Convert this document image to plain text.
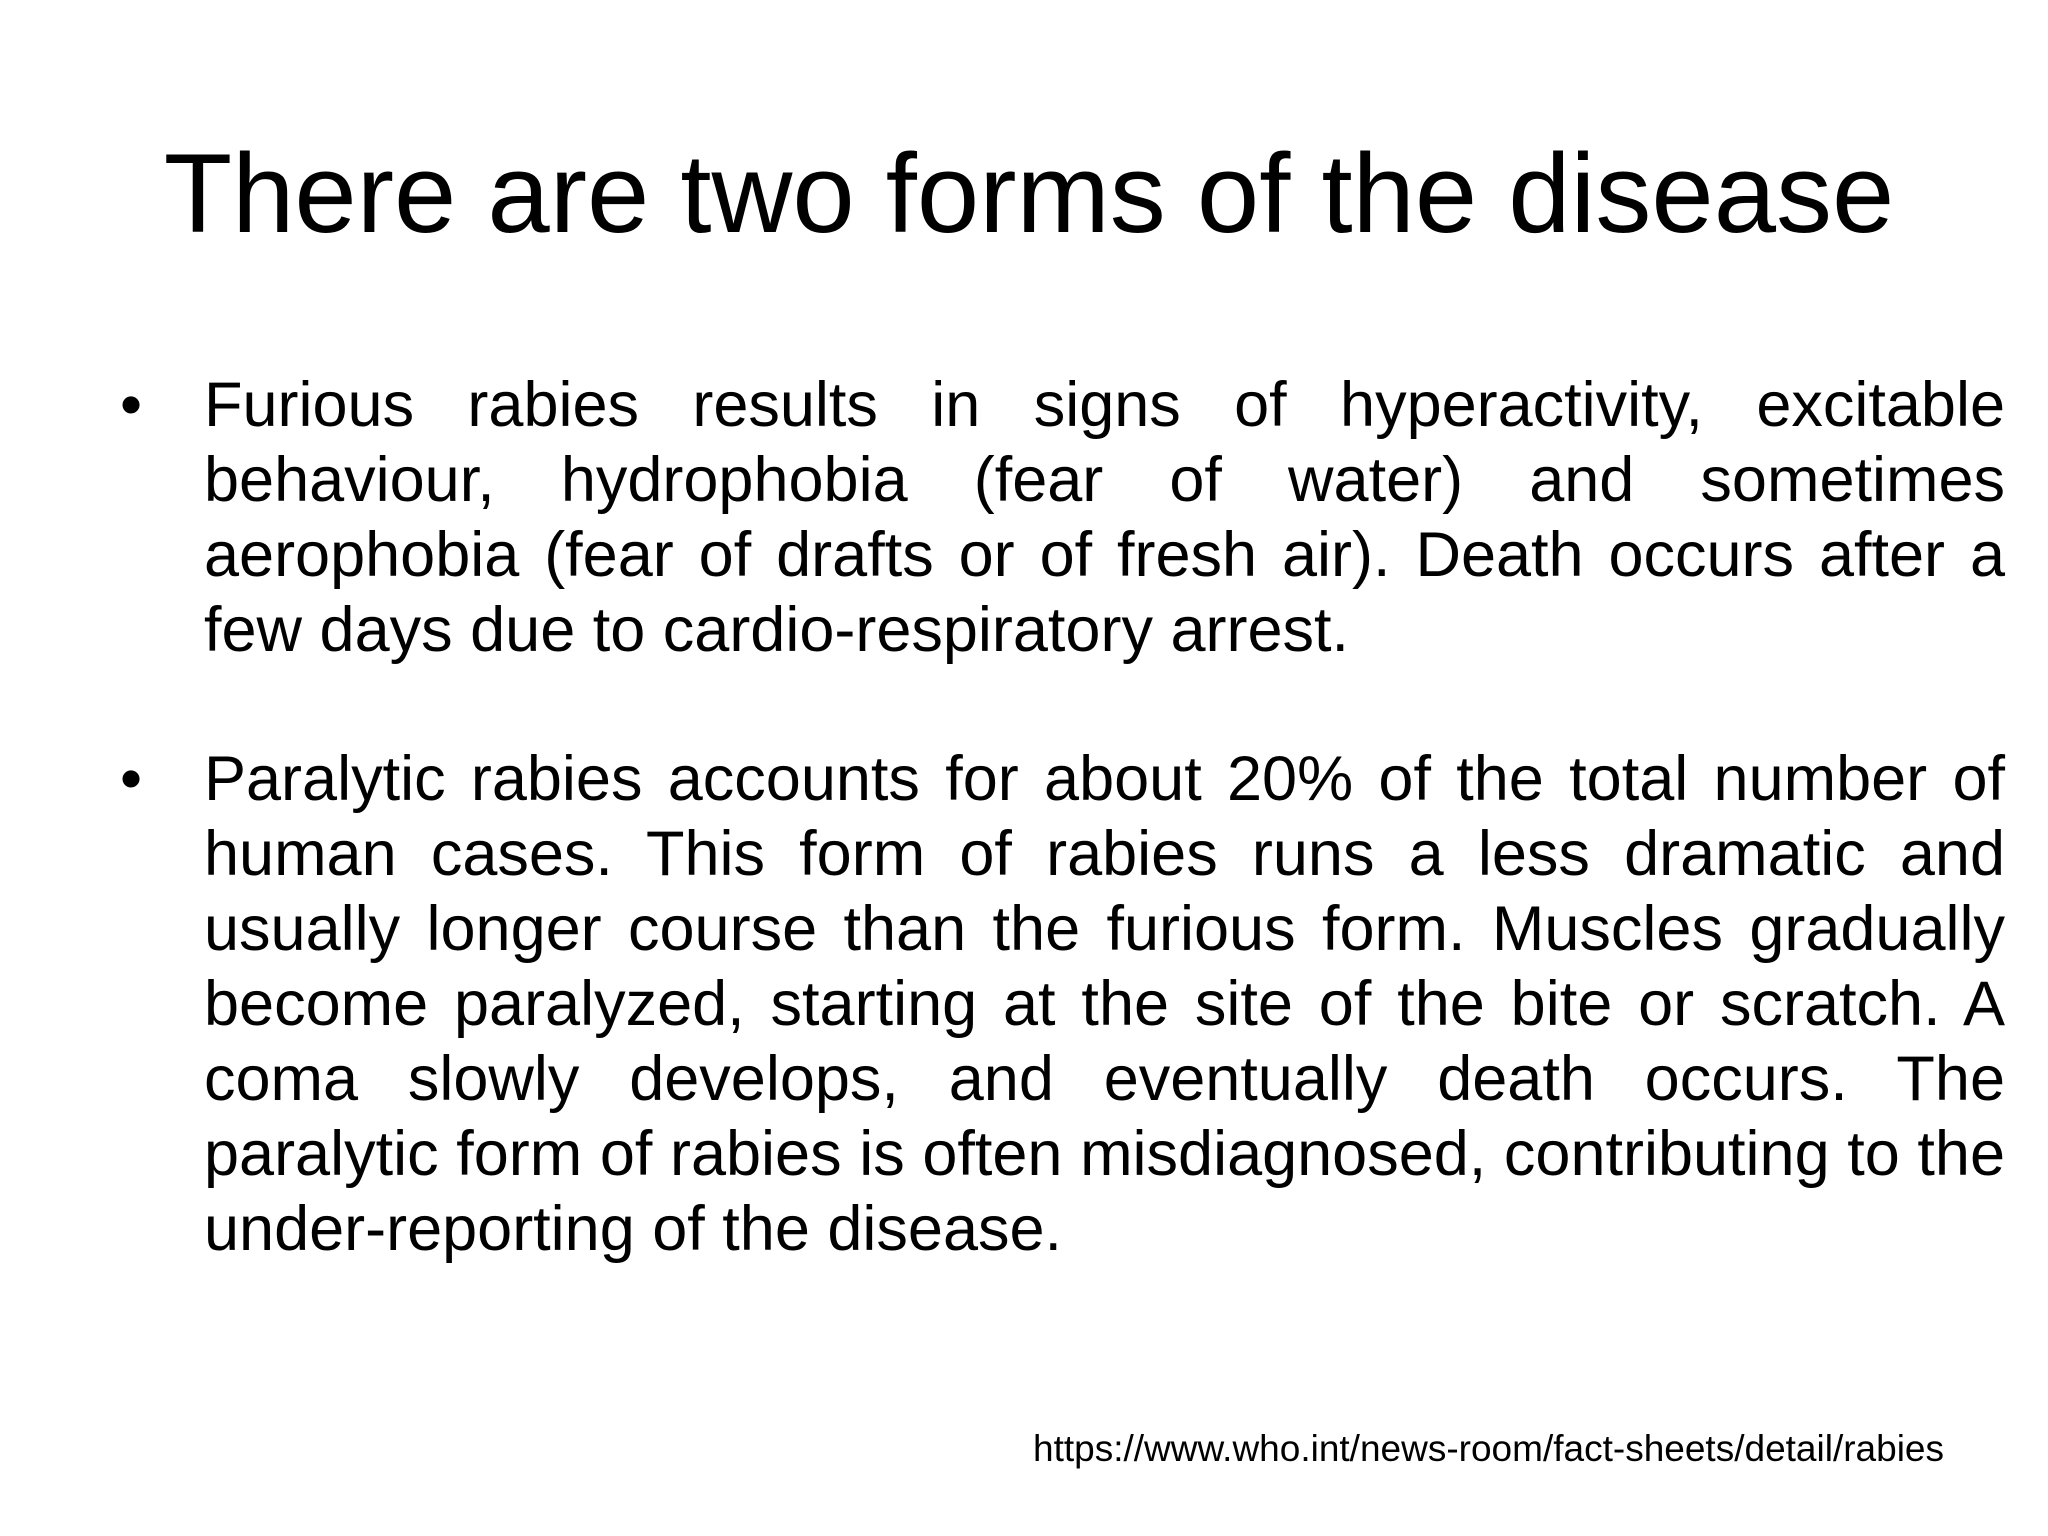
There are two forms of the disease
• Furious rabies results in signs of hyperactivity, excitable behaviour, hydrophobia (fear of water) and sometimes aerophobia (fear of drafts or of fresh air). Death occurs after a few days due to cardio-respiratory arrest.
• Paralytic rabies accounts for about 20% of the total number of human cases. This form of rabies runs a less dramatic and usually longer course than the furious form. Muscles gradually become paralyzed, starting at the site of the bite or scratch. A coma slowly develops, and eventually death occurs. The paralytic form of rabies is often misdiagnosed, contributing to the under-reporting of the disease.
https://www.who.int/news-room/fact-sheets/detail/rabies
